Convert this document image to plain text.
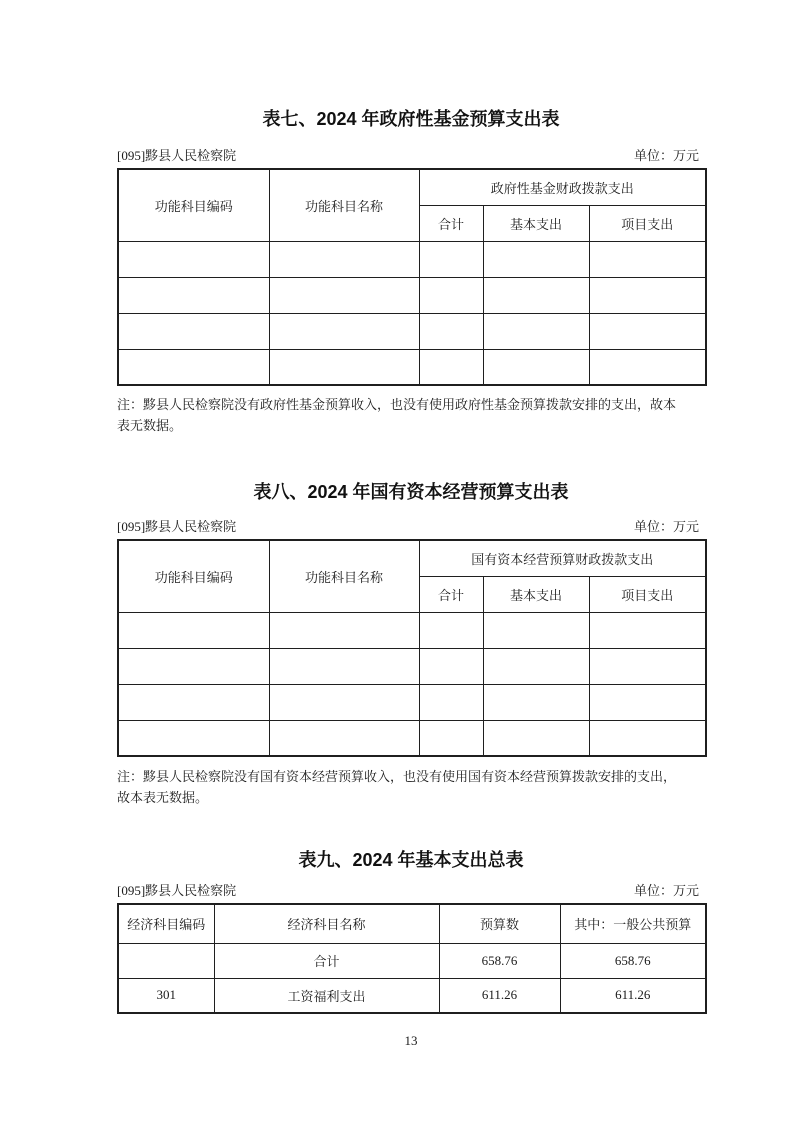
表七、2024 年政府性基金预算支出表
[095]黟县人民检察院	单位：万元
功能科目编码	功能科目名称	政府性基金财政拨款支出		
		合计	基本支出	项目支出

注：黟县人民检察院没有政府性基金预算收入，也没有使用政府性基金预算拨款安排的支出，故本表无数据。

表八、2024 年国有资本经营预算支出表
[095]黟县人民检察院	单位：万元
功能科目编码	功能科目名称	国有资本经营预算财政拨款支出		
		合计	基本支出	项目支出

注：黟县人民检察院没有国有资本经营预算收入，也没有使用国有资本经营预算拨款安排的支出，故本表无数据。

表九、2024 年基本支出总表
[095]黟县人民检察院	单位：万元
经济科目编码	经济科目名称	预算数	其中：一般公共预算
	合计	658.76	658.76
301	工资福利支出	611.26	611.26
13
